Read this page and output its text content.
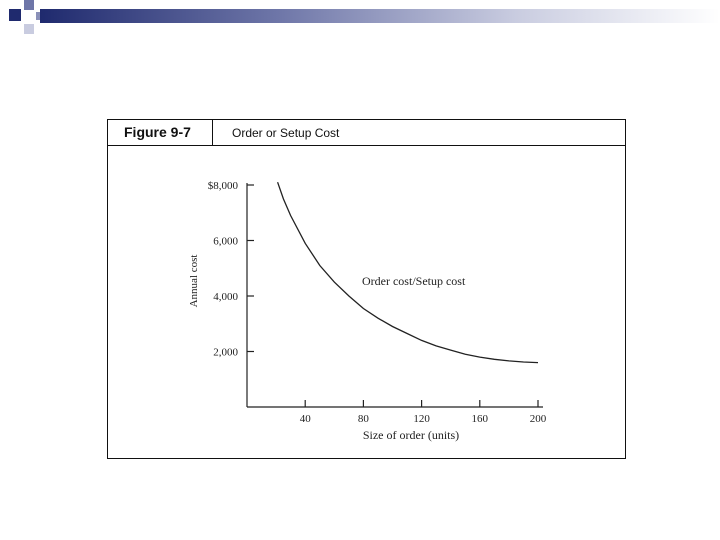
Figure 9-7	Order or Setup Cost
2,000
4,000
6,000
$8,000
40	80	120	160	200
Order cost/Setup cost
Size of order (units)
Annual cost
